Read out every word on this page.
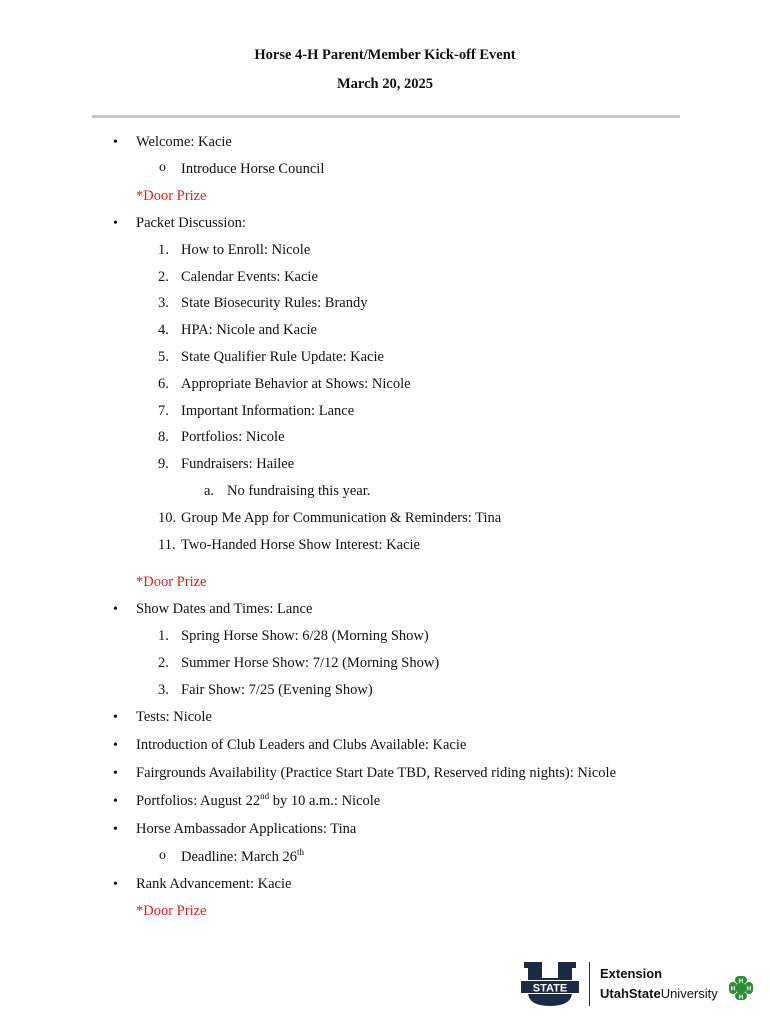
Horse 4-H Parent/Member Kick-off Event
March 20, 2025
• Welcome: Kacie
o Introduce Horse Council
*Door Prize
• Packet Discussion:
1. How to Enroll: Nicole
2. Calendar Events: Kacie
3. State Biosecurity Rules: Brandy
4. HPA: Nicole and Kacie
5. State Qualifier Rule Update: Kacie
6. Appropriate Behavior at Shows: Nicole
7. Important Information: Lance
8. Portfolios: Nicole
9. Fundraisers: Hailee
a. No fundraising this year.
10. Group Me App for Communication & Reminders: Tina
11. Two-Handed Horse Show Interest: Kacie
*Door Prize
• Show Dates and Times: Lance
1. Spring Horse Show: 6/28 (Morning Show)
2. Summer Horse Show: 7/12 (Morning Show)
3. Fair Show: 7/25 (Evening Show)
• Tests: Nicole
• Introduction of Club Leaders and Clubs Available: Kacie
• Fairgrounds Availability (Practice Start Date TBD, Reserved riding nights): Nicole
• Portfolios: August 22nd by 10 a.m.: Nicole
• Horse Ambassador Applications: Tina
o Deadline: March 26th
• Rank Advancement: Kacie
*Door Prize
STATE
Extension
UtahStateUniversity
H
H
H H
